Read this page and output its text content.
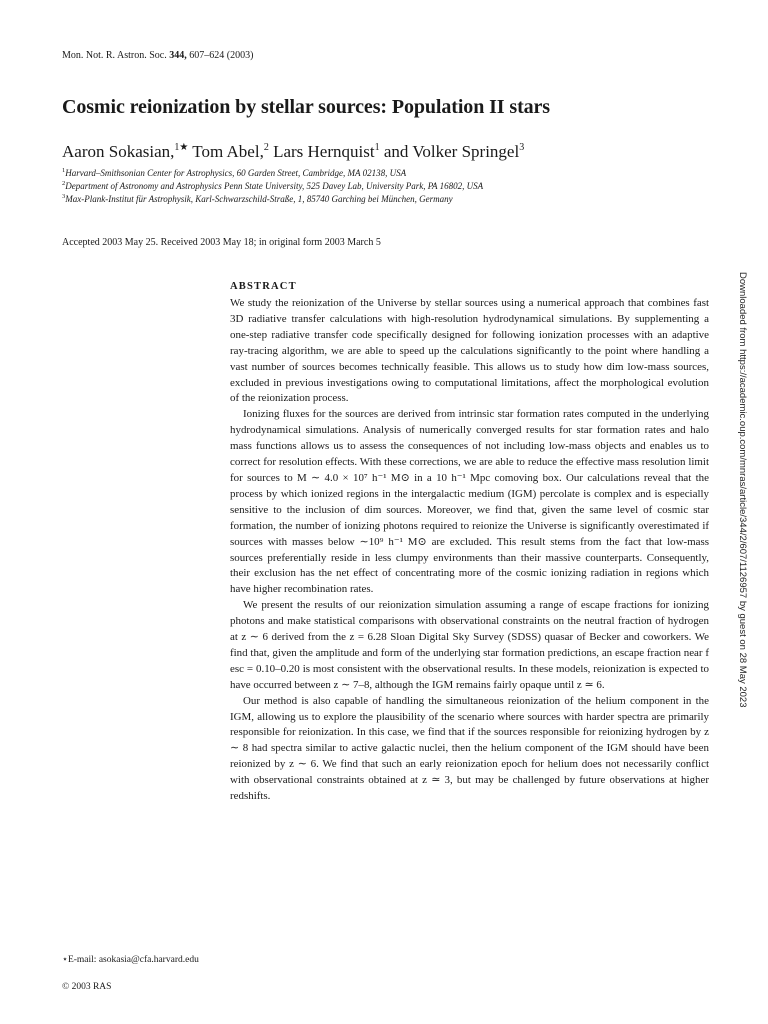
Mon. Not. R. Astron. Soc. 344, 607–624 (2003)
Cosmic reionization by stellar sources: Population II stars
Aaron Sokasian,$^{1★}$ Tom Abel,$^2$ Lars Hernquist$^1$ and Volker Springel$^3$
$^1$Harvard–Smithsonian Center for Astrophysics, 60 Garden Street, Cambridge, MA 02138, USA
$^2$Department of Astronomy and Astrophysics Penn State University, 525 Davey Lab, University Park, PA 16802, USA
$^3$Max-Plank-Institut für Astrophysik, Karl-Schwarzschild-Straße, 1, 85740 Garching bei München, Germany
Accepted 2003 May 25. Received 2003 May 18; in original form 2003 March 5
ABSTRACT

We study the reionization of the Universe by stellar sources using a numerical approach that combines fast 3D radiative transfer calculations with high-resolution hydrodynamical simulations. By supplementing a one-step radiative transfer code specifically designed for following ionization processes with an adaptive ray-tracing algorithm, we are able to speed up the calculations significantly to the point where handling a vast number of sources becomes technically feasible. This allows us to study how dim low-mass sources, excluded in previous investigations owing to computational limitations, affect the morphological evolution of the reionization process.

Ionizing fluxes for the sources are derived from intrinsic star formation rates computed in the underlying hydrodynamical simulations. Analysis of numerically converged results for star formation rates and halo mass functions allows us to assess the consequences of not including low-mass objects and enables us to correct for resolution effects. With these corrections, we are able to reduce the effective mass resolution limit for sources to M ∼ 4.0 × 10⁷ h⁻¹ M⊙ in a 10 h⁻¹ Mpc comoving box. Our calculations reveal that the process by which ionized regions in the intergalactic medium (IGM) percolate is complex and is especially sensitive to the inclusion of dim sources. Moreover, we find that, given the same level of cosmic star formation, the number of ionizing photons required to reionize the Universe is significantly overestimated if sources with masses below ∼10⁹ h⁻¹ M⊙ are excluded. This result stems from the fact that low-mass sources preferentially reside in less clumpy environments than their massive counterparts. Consequently, their exclusion has the net effect of concentrating more of the cosmic ionizing radiation in regions which have higher recombination rates.

We present the results of our reionization simulation assuming a range of escape fractions for ionizing photons and make statistical comparisons with observational constraints on the neutral fraction of hydrogen at z ∼ 6 derived from the z = 6.28 Sloan Digital Sky Survey (SDSS) quasar of Becker and coworkers. We find that, given the amplitude and form of the underlying star formation predictions, an escape fraction near f esc = 0.10–0.20 is most consistent with the observational results. In these models, reionization is expected to have occurred between z ∼ 7–8, although the IGM remains fairly opaque until z ≃ 6.

Our method is also capable of handling the simultaneous reionization of the helium component in the IGM, allowing us to explore the plausibility of the scenario where sources with harder spectra are primarily responsible for reionization. In this case, we find that if the sources responsible for reionizing hydrogen by z ∼ 8 had spectra similar to active galactic nuclei, then the helium component of the IGM should have been reionized by z ∼ 6. We find that such an early reionization epoch for helium does not necessarily conflict with observational constraints obtained at z ≃ 3, but may be challenged by future observations at higher redshifts.

⋆E-mail: asokasia@cfa.harvard.edu
© 2003 RAS
Downloaded from https://academic.oup.com/mnras/article/344/2/607/1126957 by guest on 28 May 2023
